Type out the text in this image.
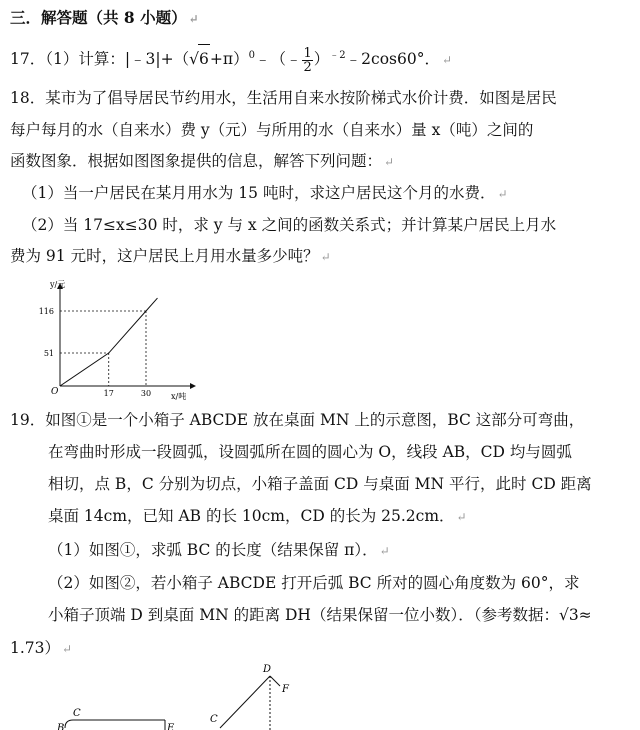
三．解答题（共 8 小题） ↵
17．（1）计算：$|﹣3|+(√6+\pi)^0﹣(﹣ \frac{1}{2}$ ）$^{﹣2}$﹣2cos60°． ↵
18．某市为了倡导居民节约用水，生活用自来水按阶梯式水价计费．如图是居民
每户每月的水（自来水）费 y（元）与所用的水（自来水）量 x（吨）之间的
函数图象．根据如图图象提供的信息，解答下列问题： ↵
（1）当一户居民在某月用水为 15 吨时，求这户居民这个月的水费． ↵
（2）当 17≤x≤30 时，求 y 与 x 之间的函数关系式；并计算某户居民上月水
费为 91 元时，这户居民上月用水量多少吨？ ↵
y/元
x/吨
O
116
51
17	30
19．如图①是一个小箱子 ABCDE 放在桌面 MN 上的示意图，BC 这部分可弯曲，
在弯曲时形成一段圆弧，设圆弧所在圆的圆心为 O，线段 AB，CD 均与圆弧
相切，点 B，C 分别为切点，小箱子盖面 CD 与桌面 MN 平行，此时 CD 距离
桌面 14cm，已知 AB 的长 10cm，CD 的长为 25.2cm． ↵
（1）如图①，求弧 BC 的长度（结果保留 π）． ↵
（2）如图②，若小箱子 ABCDE 打开后弧 BC 所对的圆心角度数为 60°，求
小箱子顶端 D 到桌面 MN 的距离 DH（结果保留一位小数）．（参考数据：√3≈
1.73） ↵
C
B	E
D
F
C
